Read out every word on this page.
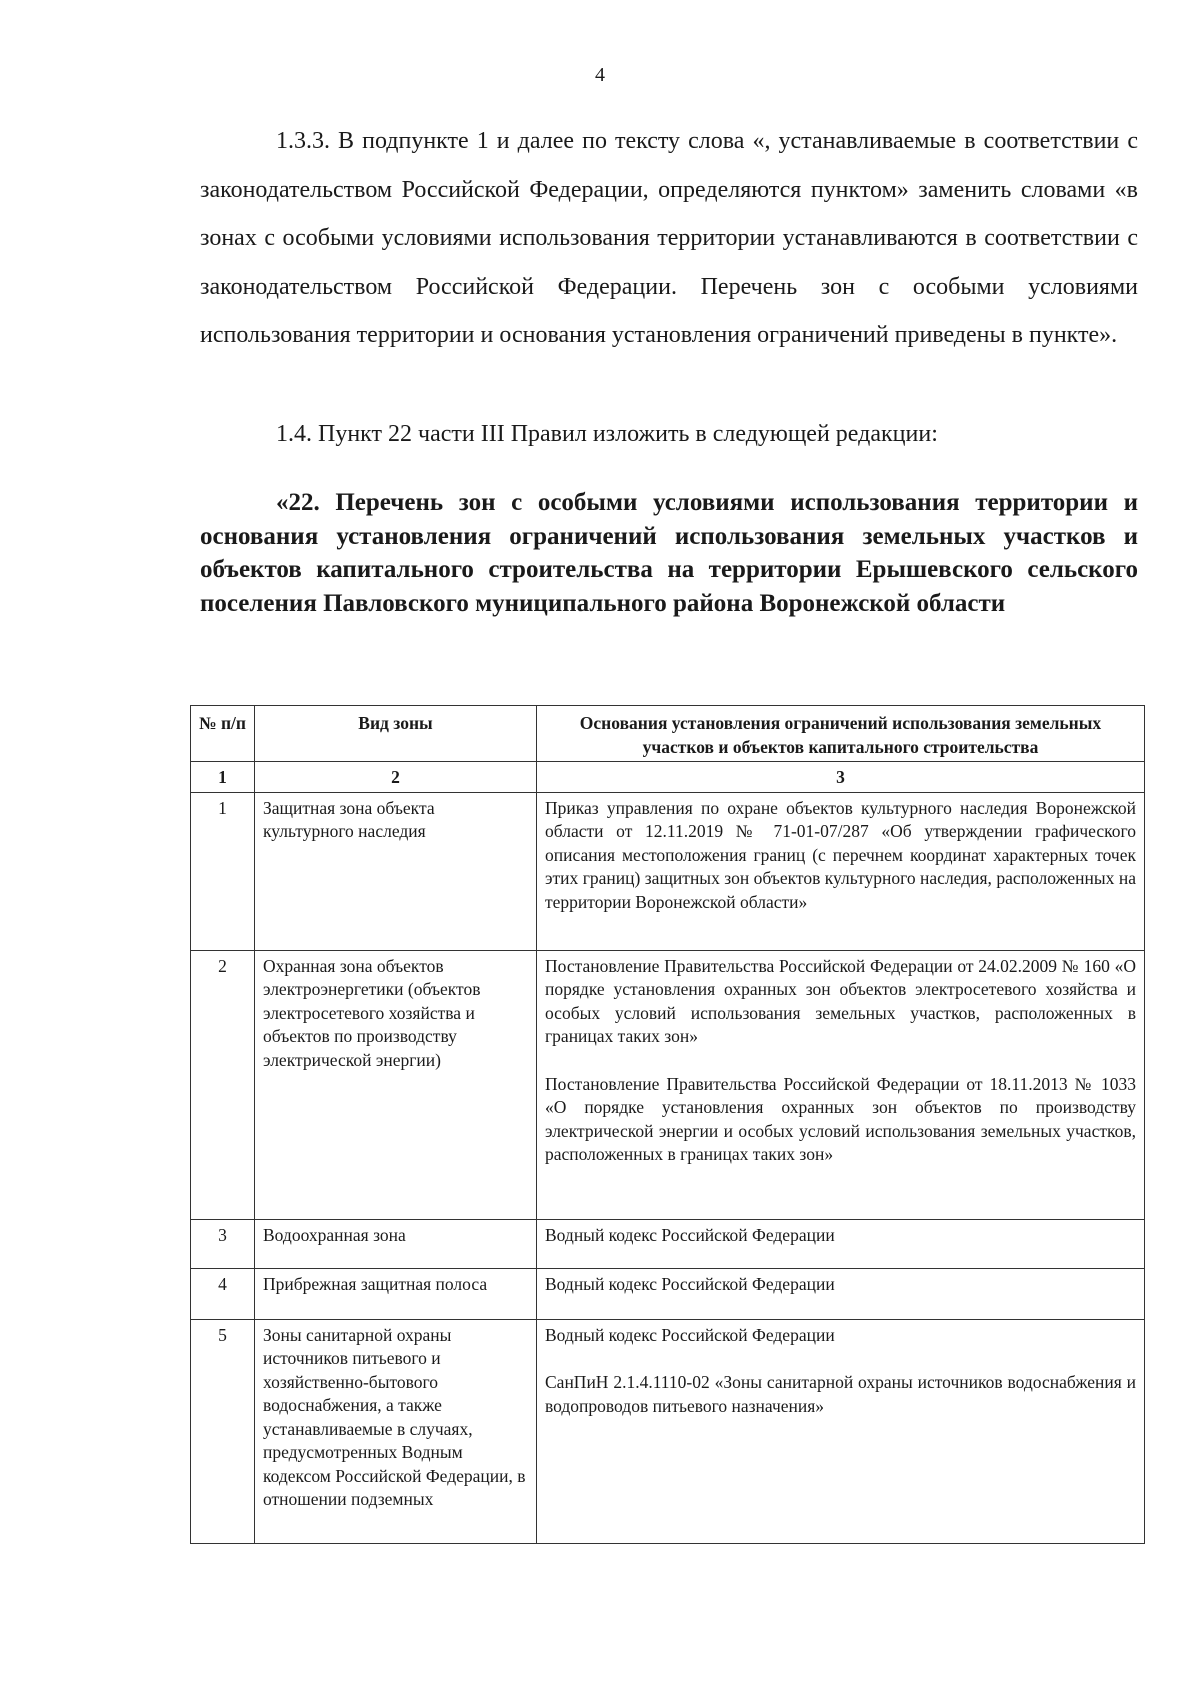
4

1.3.3. В подпункте 1 и далее по тексту слова «, устанавливаемые в соответствии с законодательством Российской Федерации, определяются пунктом» заменить словами «в зонах с особыми условиями использования территории устанавливаются в соответствии с законодательством Российской Федерации. Перечень зон с особыми условиями использования территории и основания установления ограничений приведены в пункте».

1.4. Пункт 22 части III Правил изложить в следующей редакции:

«22. Перечень зон с особыми условиями использования территории и основания установления ограничений использования земельных участков и объектов капитального строительства на территории Ерышевского сельского поселения Павловского муниципального района Воронежской области

№ п/п	Вид зоны	Основания установления ограничений использования земельных участков и объектов капитального строительства
1	2	3
1	Защитная зона объекта культурного наследия	Приказ управления по охране объектов культурного наследия Воронежской области от 12.11.2019 № 71-01-07/287 «Об утверждении графического описания местоположения границ (с перечнем координат характерных точек этих границ) защитных зон объектов культурного наследия, расположенных на территории Воронежской области»

2	Охранная зона объектов электроэнергетики (объектов электросетевого хозяйства и объектов по производству электрической энергии)	Постановление Правительства Российской Федерации от 24.02.2009 № 160 «О порядке установления охранных зон объектов электросетевого хозяйства и особых условий использования земельных участков, расположенных в границах таких зон»

Постановление Правительства Российской Федерации от 18.11.2013 № 1033 «О порядке установления охранных зон объектов по производству электрической энергии и особых условий использования земельных участков, расположенных в границах таких зон»

3	Водоохранная зона	Водный кодекс Российской Федерации

4	Прибрежная защитная полоса	Водный кодекс Российской Федерации

5	Зоны санитарной охраны источников питьевого и хозяйственно-бытового водоснабжения, а также устанавливаемые в случаях, предусмотренных Водным кодексом Российской Федерации, в отношении подземных	Водный кодекс Российской Федерации

СанПиН 2.1.4.1110-02 «Зоны санитарной охраны источников водоснабжения и водопроводов питьевого назначения»
